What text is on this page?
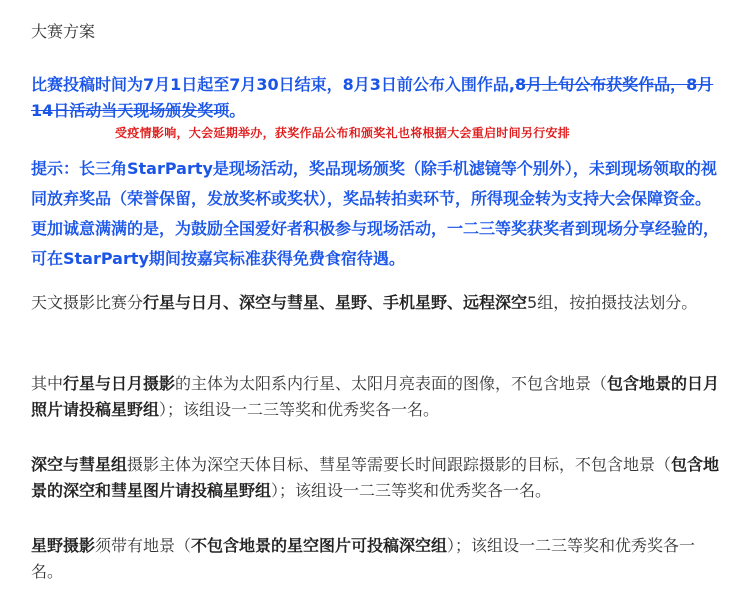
大赛方案
比赛投稿时间为7月1日起至7月30日结束，8月3日前公布入围作品,8月上旬公布获奖作品，8月14日活动当天现场颁发奖项。
受疫情影响，大会延期举办，获奖作品公布和颁奖礼也将根据大会重启时间另行安排
提示：长三角StarParty是现场活动，奖品现场颁奖（除手机滤镜等个别外），未到现场领取的视同放弃奖品（荣誉保留，发放奖杯或奖状），奖品转拍卖环节，所得现金转为支持大会保障资金。更加诚意满满的是，为鼓励全国爱好者积极参与现场活动，一二三等奖获奖者到现场分享经验的，可在StarParty期间按嘉宾标准获得免费食宿待遇。
天文摄影比赛分行星与日月、深空与彗星、星野、手机星野、远程深空5组，按拍摄技法划分。
其中行星与日月摄影的主体为太阳系内行星、太阳月亮表面的图像，不包含地景（包含地景的日月照片请投稿星野组）；该组设一二三等奖和优秀奖各一名。
深空与彗星组摄影主体为深空天体目标、彗星等需要长时间跟踪摄影的目标，不包含地景（包含地景的深空和彗星图片请投稿星野组）；该组设一二三等奖和优秀奖各一名。
星野摄影须带有地景（不包含地景的星空图片可投稿深空组）；该组设一二三等奖和优秀奖各一名。
